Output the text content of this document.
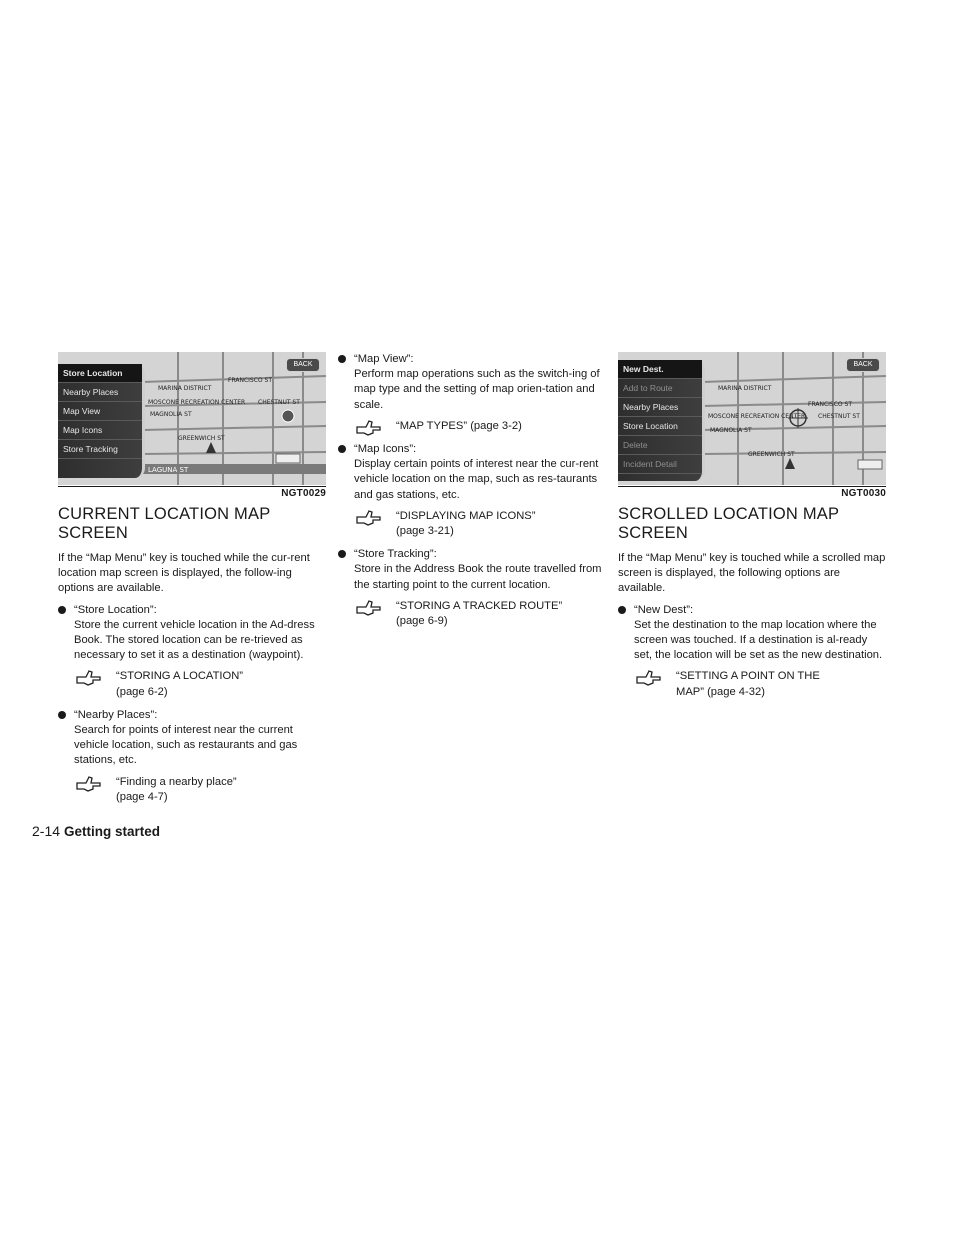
LAGUNA ST
MARINA DISTRICT
FRANCISCO ST
MOSCONE RECREATION CENTER CHESTNUT ST
MAGNOLIA ST
GREENWICH ST
Store Location
Nearby Places
Map View
Map Icons
Store Tracking
BACK
NGT0029
CURRENT LOCATION MAP SCREEN

If the “Map Menu” key is touched while the cur-rent location map screen is displayed, the follow-ing options are available.

“Store Location”:
Store the current vehicle location in the Ad-dress Book. The stored location can be re-trieved as necessary to set it as a destination (waypoint).
“STORING A LOCATION”
(page 6-2)
“Nearby Places”:
Search for points of interest near the current vehicle location, such as restaurants and gas stations, etc.
“Finding a nearby place”
(page 4-7)
“Map View”:
Perform map operations such as the switch-ing of map type and the setting of map orien-tation and scale.
“MAP TYPES” (page 3-2)
“Map Icons”:
Display certain points of interest near the cur-rent vehicle location on the map, such as res-taurants and gas stations, etc.
“DISPLAYING MAP ICONS”
(page 3-21)
“Store Tracking”:
Store in the Address Book the route travelled from the starting point to the current location.
“STORING A TRACKED ROUTE”
(page 6-9)
MARINA DISTRICT
FRANCISCO ST
MOSCONE RECREATION CENTER CHESTNUT ST
MAGNOLIA ST
GREENWICH ST
New Dest.
Add to Route
Nearby Places
Store Location
Delete
Incident Detail
BACK
NGT0030
SCROLLED LOCATION MAP SCREEN

If the “Map Menu” key is touched while a scrolled map screen is displayed, the following options are available.

“New Dest”:
Set the destination to the map location where the screen was touched. If a destination is al-ready set, the location will be set as the new destination.
“SETTING A POINT ON THE
MAP” (page 4-32)
2-14 Getting started
